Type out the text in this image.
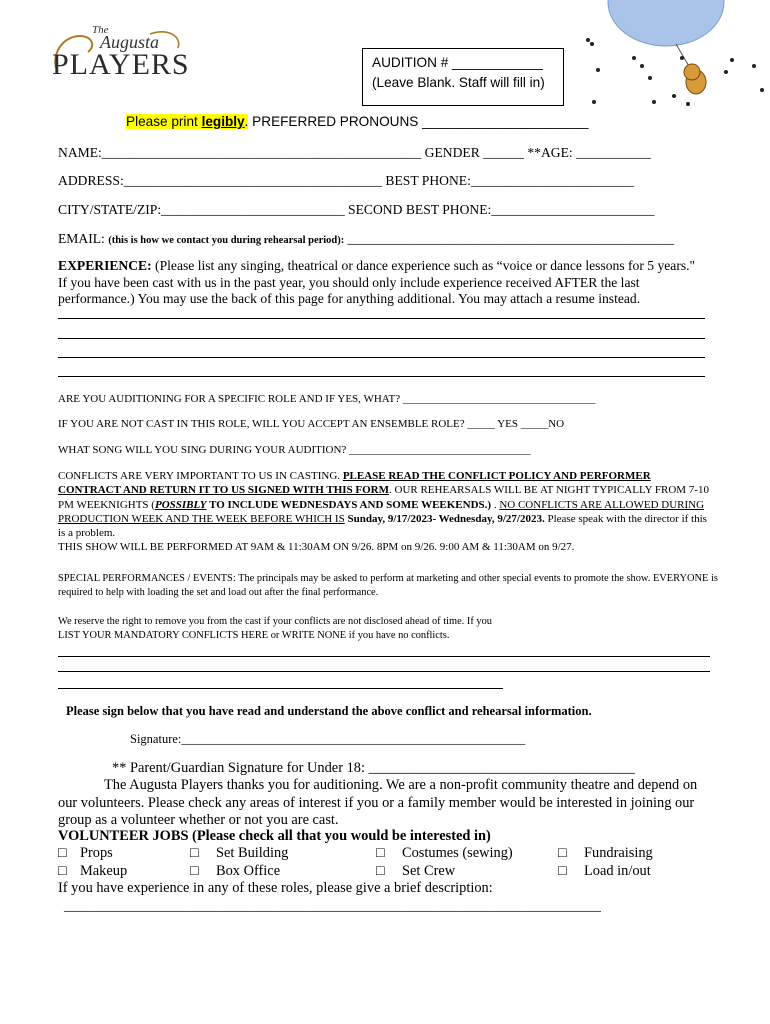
The
Augusta
PLAYERS	AUDITION # ____________
(Leave Blank. Staff will fill in)
Please print legibly. PREFERRED PRONOUNS ______________________
NAME:_______________________________________________ GENDER ______ **AGE: ___________
ADDRESS:______________________________________ BEST PHONE:________________________
CITY/STATE/ZIP:___________________________ SECOND BEST PHONE:________________________
EMAIL: (this is how we contact you during rehearsal period): ________________________________________________
EXPERIENCE: (Please list any singing, theatrical or dance experience such as “voice or dance lessons for 5 years." If you have been cast with us in the past year, you should only include experience received AFTER the last performance.) You may use the back of this page for anything additional. You may attach a resume instead.
ARE YOU AUDITIONING FOR A SPECIFIC ROLE AND IF YES, WHAT? ___________________________________
IF YOU ARE NOT CAST IN THIS ROLE, WILL YOU ACCEPT AN ENSEMBLE ROLE? _____ YES _____NO
WHAT SONG WILL YOU SING DURING YOUR AUDITION? _________________________________
CONFLICTS ARE VERY IMPORTANT TO US IN CASTING. PLEASE READ THE CONFLICT POLICY AND PERFORMER CONTRACT AND RETURN IT TO US SIGNED WITH THIS FORM. OUR REHEARSALS WILL BE AT NIGHT TYPICALLY FROM 7-10 PM WEEKNIGHTS (POSSIBLY TO INCLUDE WEDNESDAYS AND SOME WEEKENDS.) . NO CONFLICTS ARE ALLOWED DURING PRODUCTION WEEK AND THE WEEK BEFORE WHICH IS Sunday, 9/17/2023- Wednesday, 9/27/2023. Please speak with the director if this is a problem.
THIS SHOW WILL BE PERFORMED AT 9AM & 11:30AM ON 9/26. 8PM on 9/26. 9:00 AM & 11:30AM on 9/27.
SPECIAL PERFORMANCES / EVENTS: The principals may be asked to perform at marketing and other special events to promote the show. EVERYONE is required to help with loading the set and load out after the final performance.
We reserve the right to remove you from the cast if your conflicts are not disclosed ahead of time. If you
LIST YOUR MANDATORY CONFLICTS HERE or WRITE NONE if you have no conflicts.
Please sign below that you have read and understand the above conflict and rehearsal information.
Signature:_______________________________________________________
** Parent/Guardian Signature for Under 18: _____________________________________
The Augusta Players thanks you for auditioning. We are a non-profit community theatre and depend on our volunteers. Please check any areas of interest if you or a family member would be interested in joining our group as a volunteer whether or not you are cast.
VOLUNTEER JOBS (Please check all that you would be interested in)
□ Props	□ Set Building	□ Costumes (sewing)	□ Fundraising
□ Makeup	□ Box Office	□ Set Crew	□ Load in/out
If you have experience in any of these roles, please give a brief description:
_______________________________________________________________________________
